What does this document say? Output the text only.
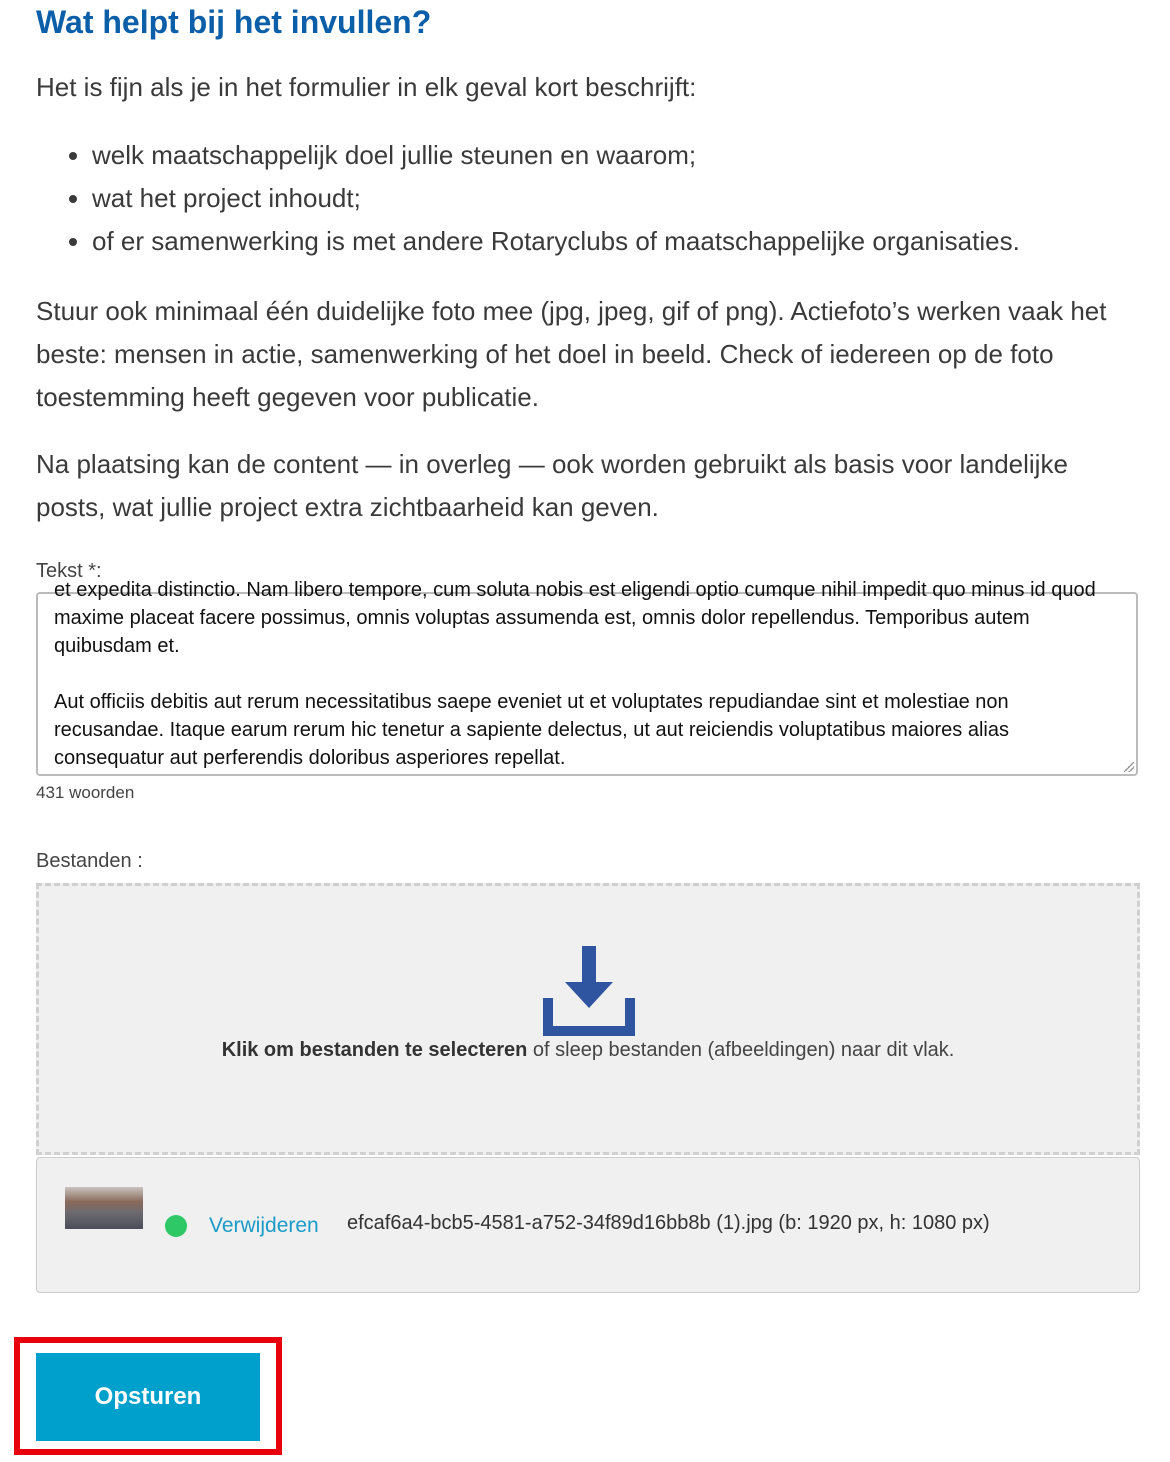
Wat helpt bij het invullen?

Het is fijn als je in het formulier in elk geval kort beschrijft:

• welk maatschappelijk doel jullie steunen en waarom;
• wat het project inhoudt;
• of er samenwerking is met andere Rotaryclubs of maatschappelijke organisaties.

Stuur ook minimaal één duidelijke foto mee (jpg, jpeg, gif of png). Actiefoto’s werken vaak het beste: mensen in actie, samenwerking of het doel in beeld. Check of iedereen op de foto toestemming heeft gegeven voor publicatie.

Na plaatsing kan de content — in overleg — ook worden gebruikt als basis voor landelijke posts, wat jullie project extra zichtbaarheid kan geven.

Tekst *:

et expedita distinctio. Nam libero tempore, cum soluta nobis est eligendi optio cumque nihil impedit quo minus id quod maxime placeat facere possimus, omnis voluptas assumenda est, omnis dolor repellendus. Temporibus autem quibusdam et.

Aut officiis debitis aut rerum necessitatibus saepe eveniet ut et voluptates repudiandae sint et molestiae non recusandae. Itaque earum rerum hic tenetur a sapiente delectus, ut aut reiciendis voluptatibus maiores alias consequatur aut perferendis doloribus asperiores repellat.

431 woorden
Bestanden :
Klik om bestanden te selecteren of sleep bestanden (afbeeldingen) naar dit vlak.
Verwijderen efcaf6a4-bcb5-4581-a752-34f89d16bb8b (1).jpg (b: 1920 px, h: 1080 px)
Opsturen
